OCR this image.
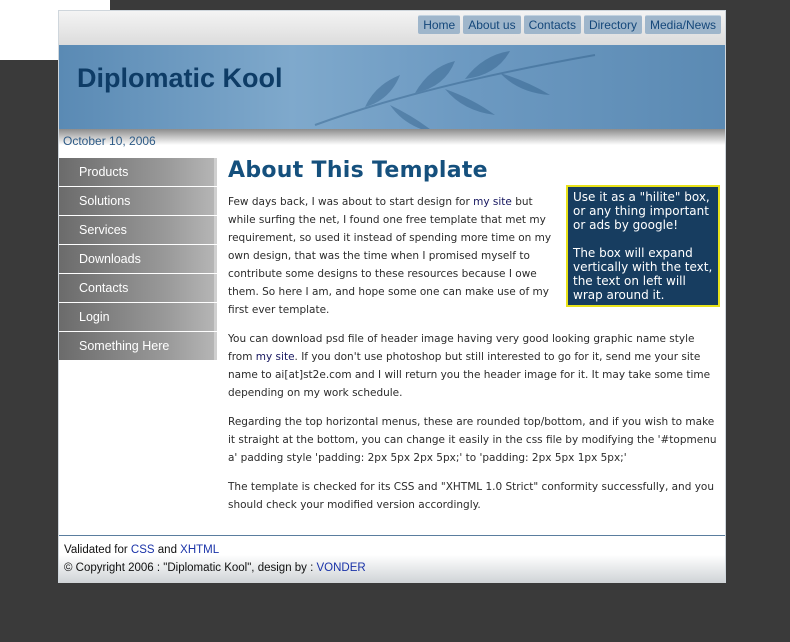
Home	About us	Contacts	Directory	Media/News
Diplomatic Kool
October 10, 2006
Products
Solutions
Services
Downloads
Contacts
Login
Something Here
About This Template

Use it as a "hilite" box, or any thing important or ads by google!

The box will expand vertically with the text, the text on left will wrap around it.

Few days back, I was about to start design for my site but while surfing the net, I found one free template that met my requirement, so used it instead of spending more time on my own design, that was the time when I promised myself to contribute some designs to these resources because I owe them. So here I am, and hope some one can make use of my first ever template.

You can download psd file of header image having very good looking graphic name style from my site. If you don't use photoshop but still interested to go for it, send me your site name to ai[at]st2e.com and I will return you the header image for it. It may take some time depending on my work schedule.

Regarding the top horizontal menus, these are rounded top/bottom, and if you wish to make it straight at the bottom, you can change it easily in the css file by modifying the '#topmenu a' padding style 'padding: 2px 5px 2px 5px;' to 'padding: 2px 5px 1px 5px;'

The template is checked for its CSS and "XHTML 1.0 Strict" conformity successfully, and you should check your modified version accordingly.

Validated for CSS and XHTML
© Copyright 2006 : "Diplomatic Kool", design by : VONDER
